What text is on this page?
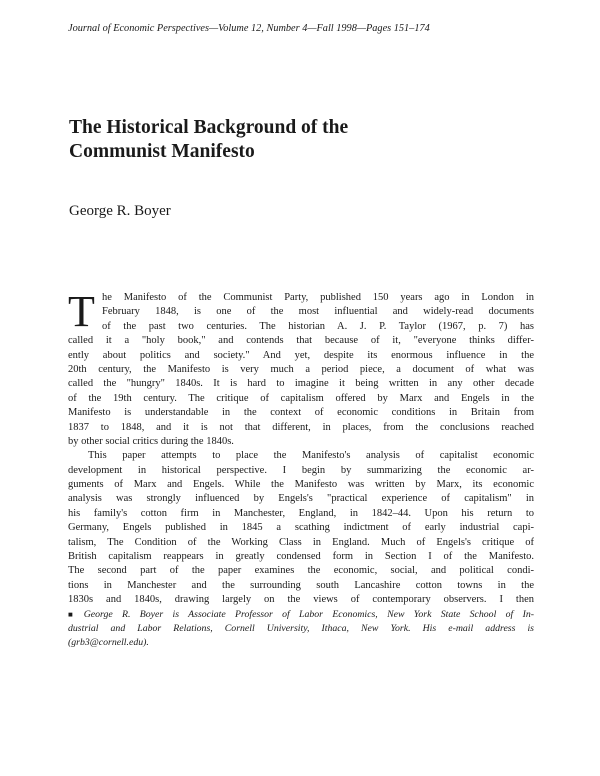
Journal of Economic Perspectives—Volume 12, Number 4—Fall 1998—Pages 151–174
The Historical Background of the
Communist Manifesto
George R. Boyer
T he Manifesto of the Communist Party, published 150 years ago in London in
February 1848, is one of the most influential and widely-read documents
of the past two centuries. The historian A. J. P. Taylor (1967, p. 7) has
called it a "holy book," and contends that because of it, "everyone thinks differ-
ently about politics and society." And yet, despite its enormous influence in the
20th century, the Manifesto is very much a period piece, a document of what was
called the "hungry" 1840s. It is hard to imagine it being written in any other decade
of the 19th century. The critique of capitalism offered by Marx and Engels in the
Manifesto is understandable in the context of economic conditions in Britain from
1837 to 1848, and it is not that different, in places, from the conclusions reached
by other social critics during the 1840s.
This paper attempts to place the Manifesto's analysis of capitalist economic
development in historical perspective. I begin by summarizing the economic ar-
guments of Marx and Engels. While the Manifesto was written by Marx, its economic
analysis was strongly influenced by Engels's "practical experience of capitalism" in
his family's cotton firm in Manchester, England, in 1842–44. Upon his return to
Germany, Engels published in 1845 a scathing indictment of early industrial capi-
talism, The Condition of the Working Class in England. Much of Engels's critique of
British capitalism reappears in greatly condensed form in Section I of the Manifesto.
The second part of the paper examines the economic, social, and political condi-
tions in Manchester and the surrounding south Lancashire cotton towns in the
1830s and 1840s, drawing largely on the views of contemporary observers. I then
■ George R. Boyer is Associate Professor of Labor Economics, New York State School of In-
dustrial and Labor Relations, Cornell University, Ithaca, New York. His e-mail address is
(grb3@cornell.edu).
